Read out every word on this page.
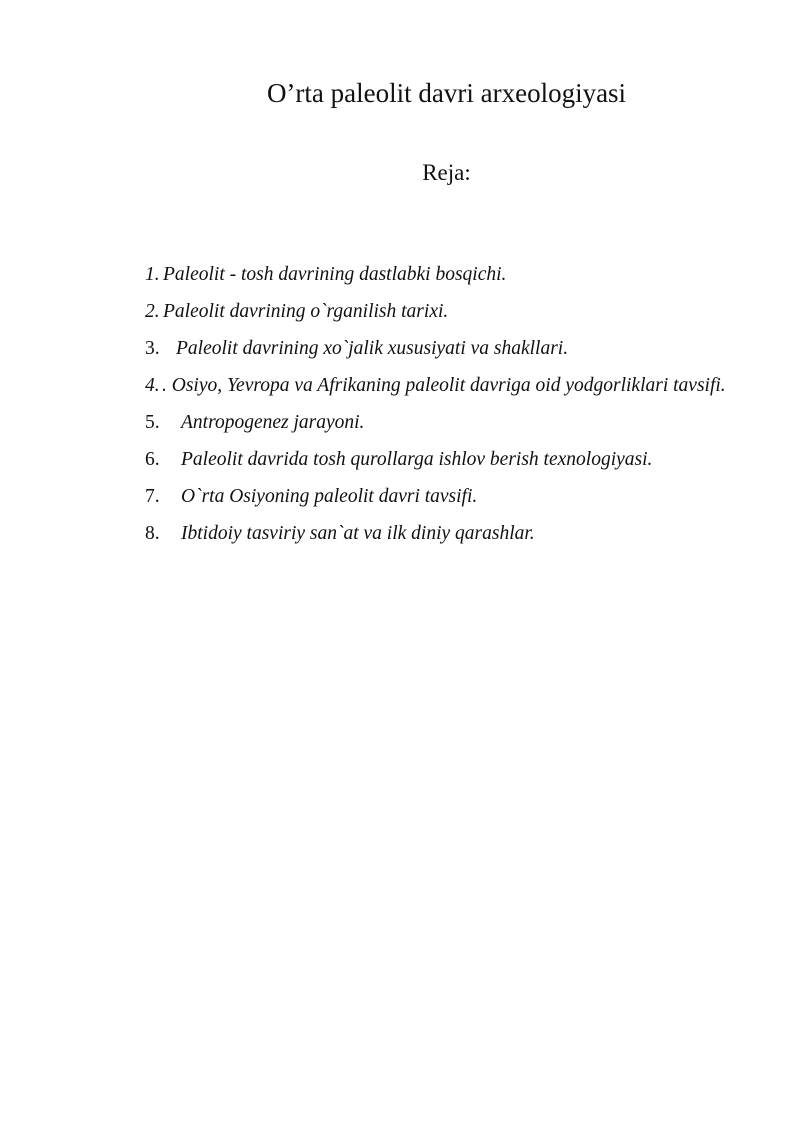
O’rta paleolit davri arxeologiyasi

Reja:

1. Paleolit - tosh davrining dastlabki bosqichi.
2. Paleolit davrining o`rganilish tarixi.
3. Paleolit davrining xo`jalik xususiyati va shakllari.
4. . Osiyo, Yevropa va Afrikaning paleolit davriga oid yodgorliklari tavsifi.
5. Antropogenez jarayoni.
6. Paleolit davrida tosh qurollarga ishlov berish texnologiyasi.
7. O`rta Osiyoning paleolit davri tavsifi.
8. Ibtidoiy tasviriy san`at va ilk diniy qarashlar.
